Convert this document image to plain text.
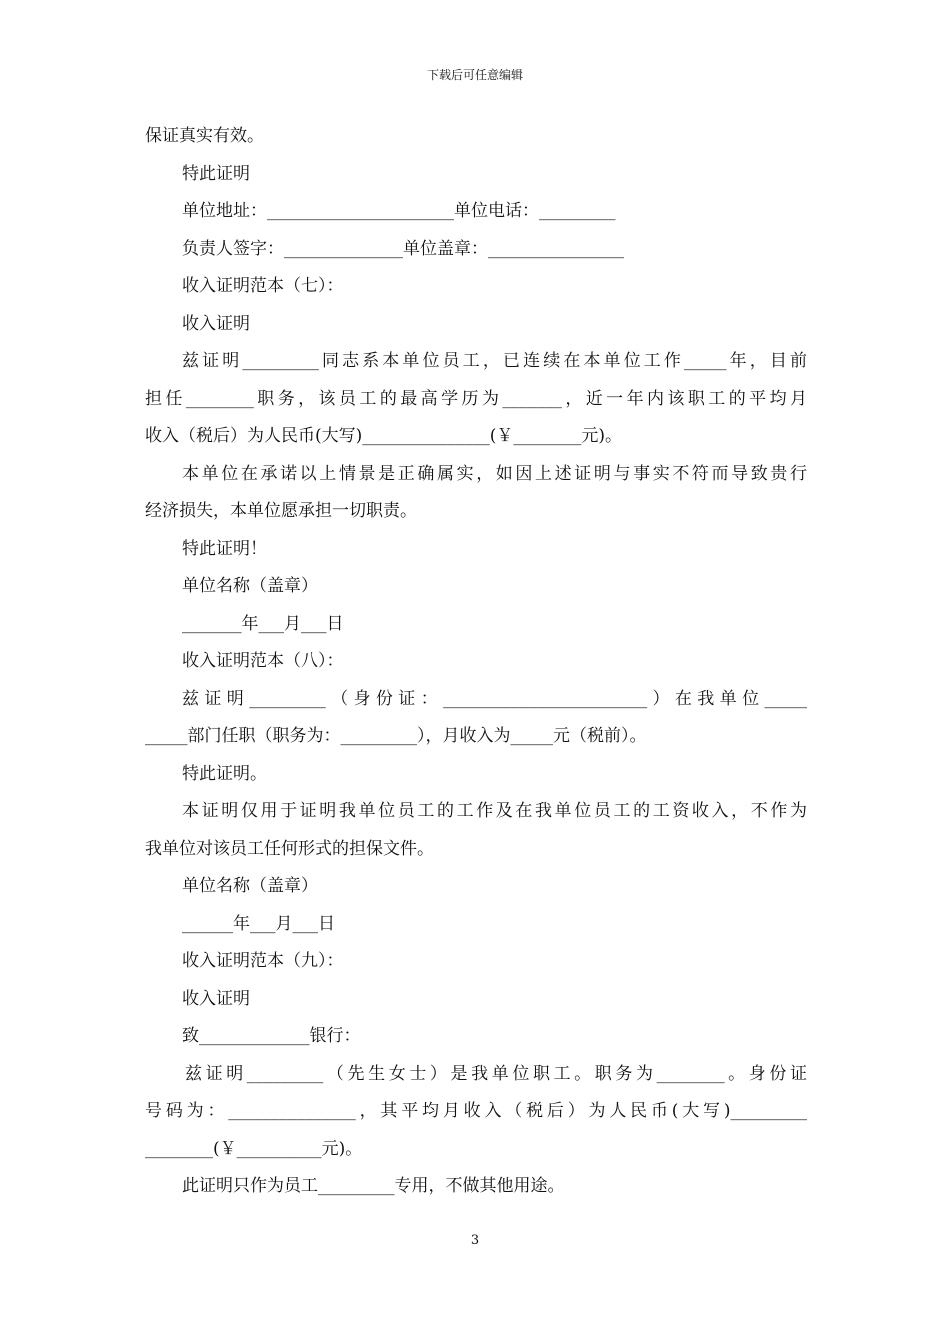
下载后可任意编辑

保证真实有效。

特此证明

单位地址：______________________单位电话：_________

负责人签字：______________单位盖章：________________

收入证明范本（七）：

收入证明

兹证明_________同志系本单位员工，已连续在本单位工作_____年，目前

担任________职务，该员工的最高学历为_______，近一年内该职工的平均月

收入（税后）为人民币(大写)_______________(￥________元)。

本单位在承诺以上情景是正确属实，如因上述证明与事实不符而导致贵行

经济损失，本单位愿承担一切职责。

特此证明！

单位名称（盖章）

_______年___月___日

收入证明范本（八）：

兹证明_________（身份证：________________________）在我单位_____

_____部门任职（职务为：_________），月收入为_____元（税前）。

特此证明。

本证明仅用于证明我单位员工的工作及在我单位员工的工资收入，不作为

我单位对该员工任何形式的担保文件。

单位名称（盖章）

______年___月___日

收入证明范本（九）：

收入证明

致_____________银行：

兹证明_________（先生女士）是我单位职工。职务为________。身份证

号码为：_______________，其平均月收入（税后）为人民币(大写)_________

________(￥__________元)。

此证明只作为员工_________专用，不做其他用途。

3
